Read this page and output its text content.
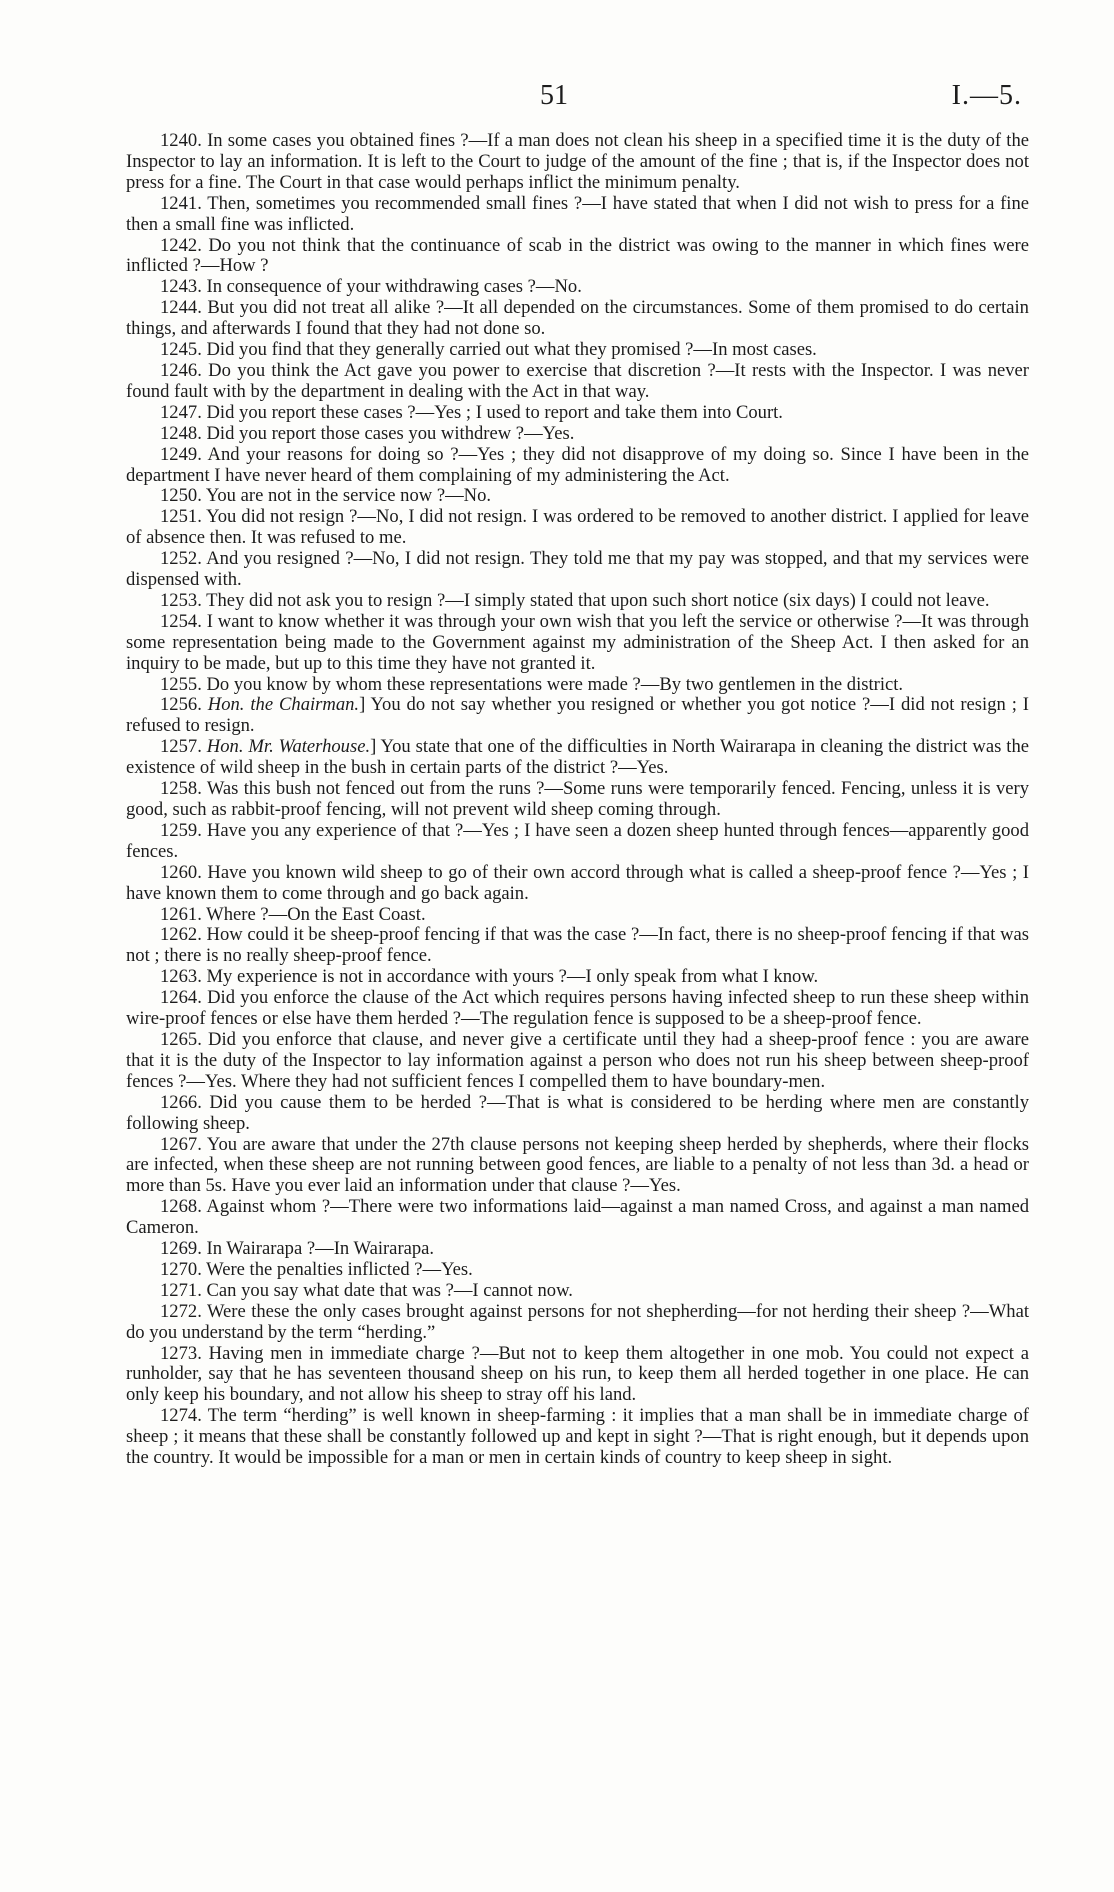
51	I.—5.

1240. In some cases you obtained fines ?—If a man does not clean his sheep in a specified time it is the duty of the Inspector to lay an information. It is left to the Court to judge of the amount of the fine ; that is, if the Inspector does not press for a fine. The Court in that case would perhaps inflict the minimum penalty.

1241. Then, sometimes you recommended small fines ?—I have stated that when I did not wish to press for a fine then a small fine was inflicted.

1242. Do you not think that the continuance of scab in the district was owing to the manner in which fines were inflicted ?—How ?

1243. In consequence of your withdrawing cases ?—No.

1244. But you did not treat all alike ?—It all depended on the circumstances. Some of them promised to do certain things, and afterwards I found that they had not done so.

1245. Did you find that they generally carried out what they promised ?—In most cases.

1246. Do you think the Act gave you power to exercise that discretion ?—It rests with the Inspector. I was never found fault with by the department in dealing with the Act in that way.

1247. Did you report these cases ?—Yes ; I used to report and take them into Court.

1248. Did you report those cases you withdrew ?—Yes.

1249. And your reasons for doing so ?—Yes ; they did not disapprove of my doing so. Since I have been in the department I have never heard of them complaining of my administering the Act.

1250. You are not in the service now ?—No.

1251. You did not resign ?—No, I did not resign. I was ordered to be removed to another district. I applied for leave of absence then. It was refused to me.

1252. And you resigned ?—No, I did not resign. They told me that my pay was stopped, and that my services were dispensed with.

1253. They did not ask you to resign ?—I simply stated that upon such short notice (six days) I could not leave.

1254. I want to know whether it was through your own wish that you left the service or otherwise ?—It was through some representation being made to the Government against my administration of the Sheep Act. I then asked for an inquiry to be made, but up to this time they have not granted it.

1255. Do you know by whom these representations were made ?—By two gentlemen in the district.

1256. Hon. the Chairman.] You do not say whether you resigned or whether you got notice ?—I did not resign ; I refused to resign.

1257. Hon. Mr. Waterhouse.] You state that one of the difficulties in North Wairarapa in cleaning the district was the existence of wild sheep in the bush in certain parts of the district ?—Yes.

1258. Was this bush not fenced out from the runs ?—Some runs were temporarily fenced. Fencing, unless it is very good, such as rabbit-proof fencing, will not prevent wild sheep coming through.

1259. Have you any experience of that ?—Yes ; I have seen a dozen sheep hunted through fences—apparently good fences.

1260. Have you known wild sheep to go of their own accord through what is called a sheep-proof fence ?—Yes ; I have known them to come through and go back again.

1261. Where ?—On the East Coast.

1262. How could it be sheep-proof fencing if that was the case ?—In fact, there is no sheep-proof fencing if that was not ; there is no really sheep-proof fence.

1263. My experience is not in accordance with yours ?—I only speak from what I know.

1264. Did you enforce the clause of the Act which requires persons having infected sheep to run these sheep within wire-proof fences or else have them herded ?—The regulation fence is supposed to be a sheep-proof fence.

1265. Did you enforce that clause, and never give a certificate until they had a sheep-proof fence : you are aware that it is the duty of the Inspector to lay information against a person who does not run his sheep between sheep-proof fences ?—Yes. Where they had not sufficient fences I compelled them to have boundary-men.

1266. Did you cause them to be herded ?—That is what is considered to be herding where men are constantly following sheep.

1267. You are aware that under the 27th clause persons not keeping sheep herded by shepherds, where their flocks are infected, when these sheep are not running between good fences, are liable to a penalty of not less than 3d. a head or more than 5s. Have you ever laid an information under that clause ?—Yes.

1268. Against whom ?—There were two informations laid—against a man named Cross, and against a man named Cameron.

1269. In Wairarapa ?—In Wairarapa.

1270. Were the penalties inflicted ?—Yes.

1271. Can you say what date that was ?—I cannot now.

1272. Were these the only cases brought against persons for not shepherding—for not herding their sheep ?—What do you understand by the term “herding.”

1273. Having men in immediate charge ?—But not to keep them altogether in one mob. You could not expect a runholder, say that he has seventeen thousand sheep on his run, to keep them all herded together in one place. He can only keep his boundary, and not allow his sheep to stray off his land.

1274. The term “herding” is well known in sheep-farming : it implies that a man shall be in immediate charge of sheep ; it means that these shall be constantly followed up and kept in sight ?—That is right enough, but it depends upon the country. It would be impossible for a man or men in certain kinds of country to keep sheep in sight.
